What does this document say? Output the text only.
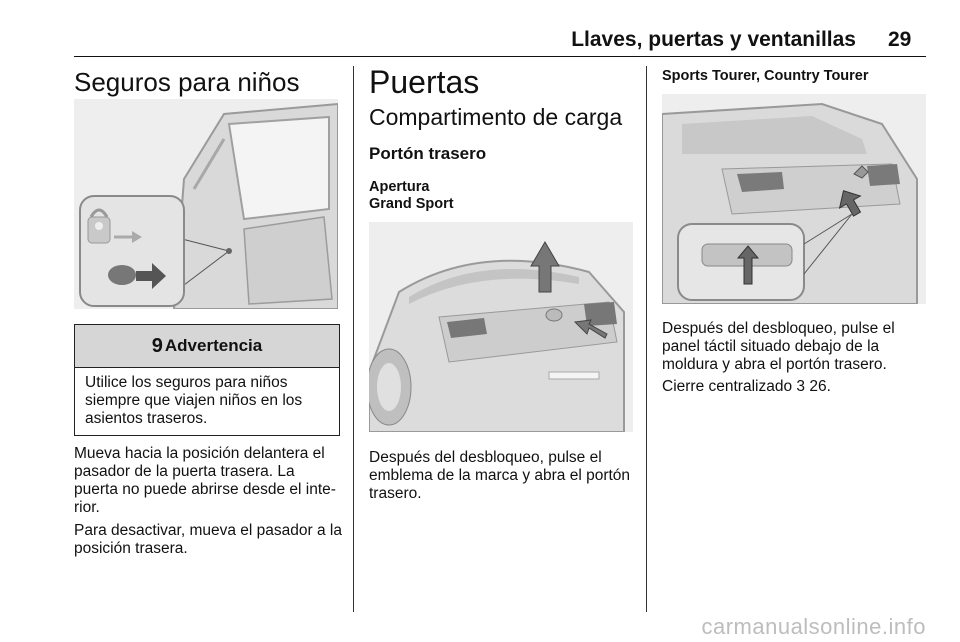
Llaves, puertas y ventanillas 29
Seguros para niños
9 Advertencia
Utilice los seguros para niños siempre que viajen niños en los asientos traseros.
Mueva hacia la posición delantera el pasador de la puerta trasera. La puerta no puede abrirse desde el inte-rior.
Para desactivar, mueva el pasador a la posición trasera.
Puertas
Compartimento de carga
Portón trasero
Apertura
Grand Sport
Después del desbloqueo, pulse el emblema de la marca y abra el portón trasero.
Sports Tourer, Country Tourer
Después del desbloqueo, pulse el panel táctil situado debajo de la moldura y abra el portón trasero.
Cierre centralizado 3 26.
carmanualsonline.info
